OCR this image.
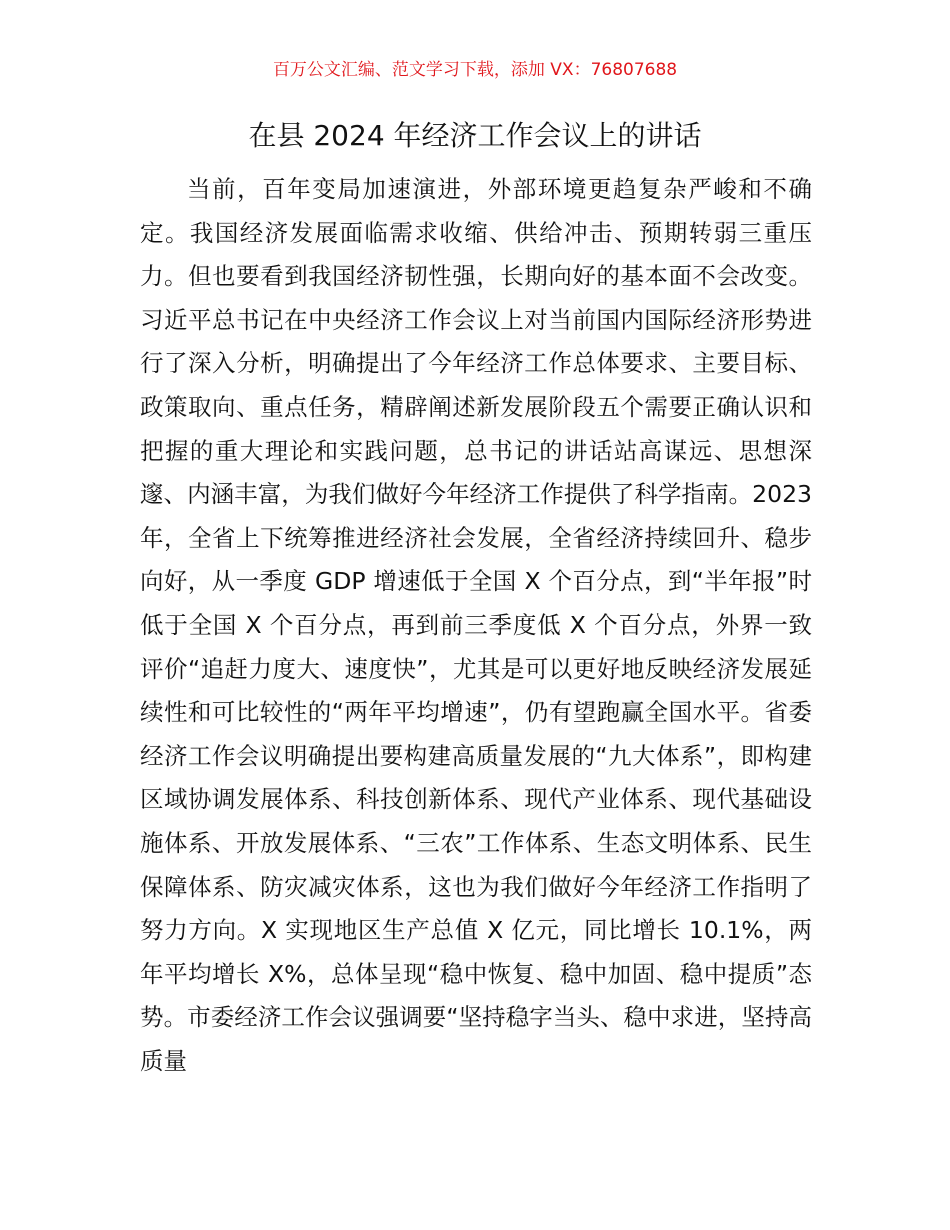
百万公文汇编、范文学习下载，添加 VX：76807688
在县 2024 年经济工作会议上的讲话

当前，百年变局加速演进，外部环境更趋复杂严峻和不确定。我国经济发展面临需求收缩、供给冲击、预期转弱三重压力。但也要看到我国经济韧性强，长期向好的基本面不会改变。习近平总书记在中央经济工作会议上对当前国内国际经济形势进行了深入分析，明确提出了今年经济工作总体要求、主要目标、政策取向、重点任务，精辟阐述新发展阶段五个需要正确认识和把握的重大理论和实践问题，总书记的讲话站高谋远、思想深邃、内涵丰富，为我们做好今年经济工作提供了科学指南。2023 年，全省上下统筹推进经济社会发展，全省经济持续回升、稳步向好，从一季度 GDP 增速低于全国 X 个百分点，到“半年报”时低于全国 X 个百分点，再到前三季度低 X 个百分点，外界一致评价“追赶力度大、速度快”，尤其是可以更好地反映经济发展延续性和可比较性的“两年平均增速”，仍有望跑赢全国水平。省委经济工作会议明确提出要构建高质量发展的“九大体系”，即构建区域协调发展体系、科技创新体系、现代产业体系、现代基础设施体系、开放发展体系、“三农”工作体系、生态文明体系、民生保障体系、防灾减灾体系，这也为我们做好今年经济工作指明了努力方向。X 实现地区生产总值 X 亿元，同比增长 10.1%，两年平均增长 X%，总体呈现“稳中恢复、稳中加固、稳中提质”态势。市委经济工作会议强调要“坚持稳字当头、稳中求进，坚持高质量
